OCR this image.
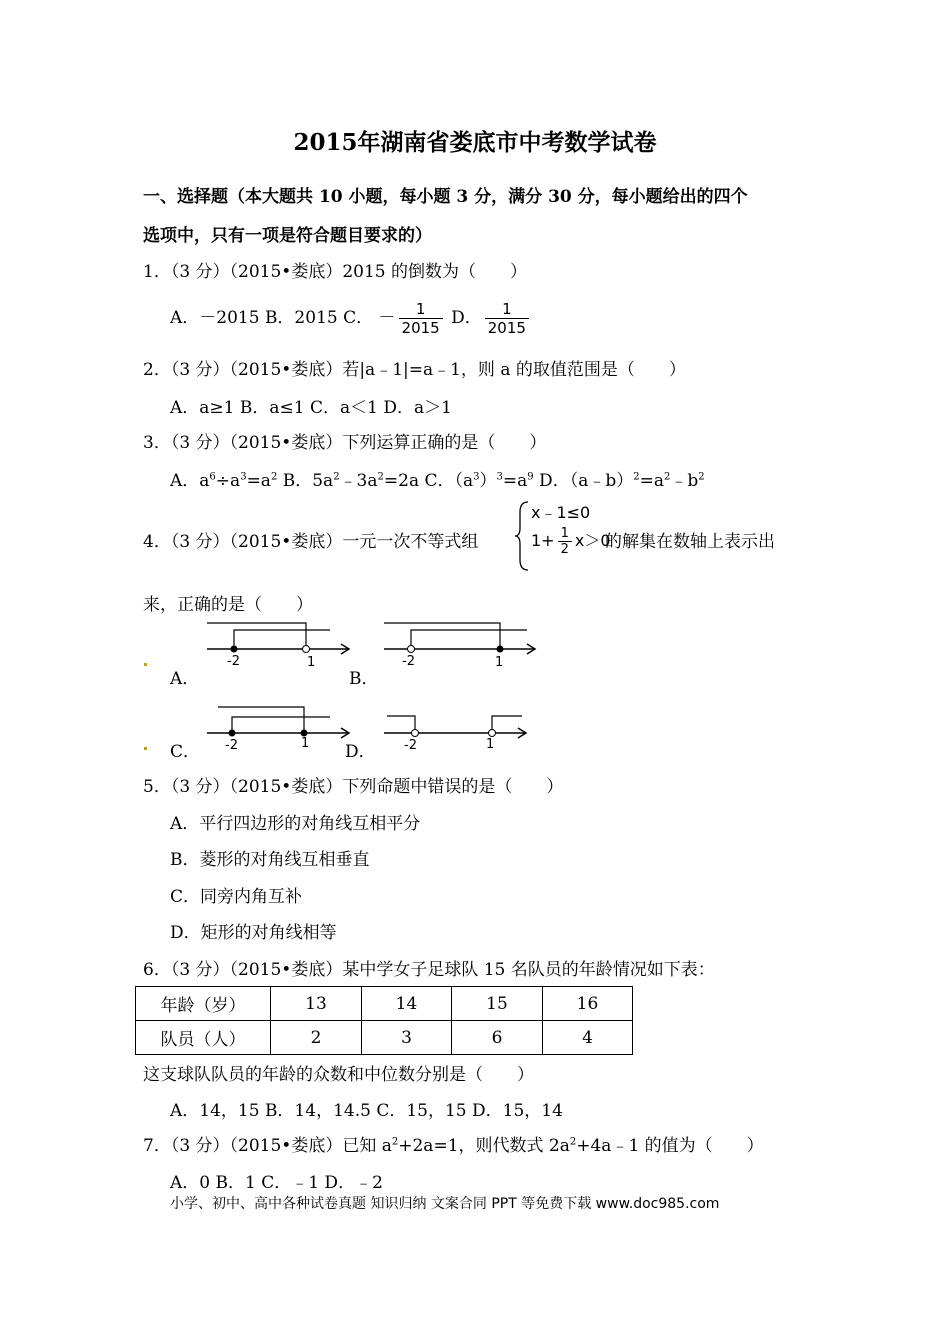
2015年湖南省娄底市中考数学试卷
一、选择题（本大题共 10 小题，每小题 3 分，满分 30 分，每小题给出的四个
选项中，只有一项是符合题目要求的）
1．（3 分）（2015•娄底）2015 的倒数为（　　）
A．－2015 B．2015 C． － $\frac{1}{2015}$ D． $\frac{1}{2015}$
2．（3 分）（2015•娄底）若|a﹣1|=a﹣1，则 a 的取值范围是（　　）
A．a≥1 B．a≤1 C．a＜1 D．a＞1
3．（3 分）（2015•娄底）下列运算正确的是（　　）
A．$a^6\div a^3=a^2$ B．$5a^2﹣3a^2=2a$ C．$(a^3)^3=a^9$ D．$(a﹣b)^2=a^2﹣b^2$
4．（3 分）（2015•娄底）一元一次不等式组
x﹣1≤0
$1+ \frac{1}{2} x>0$
的解集在数轴上表示出
来，正确的是（　　）
A．	B．
C．	D．
-2	1	-2	1
-2	1	-2	1
5．（3 分）（2015•娄底）下列命题中错误的是（　　）
A．平行四边形的对角线互相平分
B．菱形的对角线互相垂直
C．同旁内角互补
D．矩形的对角线相等
6．（3 分）（2015•娄底）某中学女子足球队 15 名队员的年龄情况如下表：
年龄（岁）	13	14	15	16
队员（人）	2	3	6	4
这支球队队员的年龄的众数和中位数分别是（　　）
A．14，15 B．14，14.5 C．15，15 D．15，14
7．（3 分）（2015•娄底）已知 $a^2+2a=1$，则代数式 $2a^2+4a﹣1$ 的值为（　　）
A．0 B．1 C．﹣1 D．﹣2
小学、初中、高中各种试卷真题 知识归纳 文案合同 PPT 等免费下载 www.doc985.com
